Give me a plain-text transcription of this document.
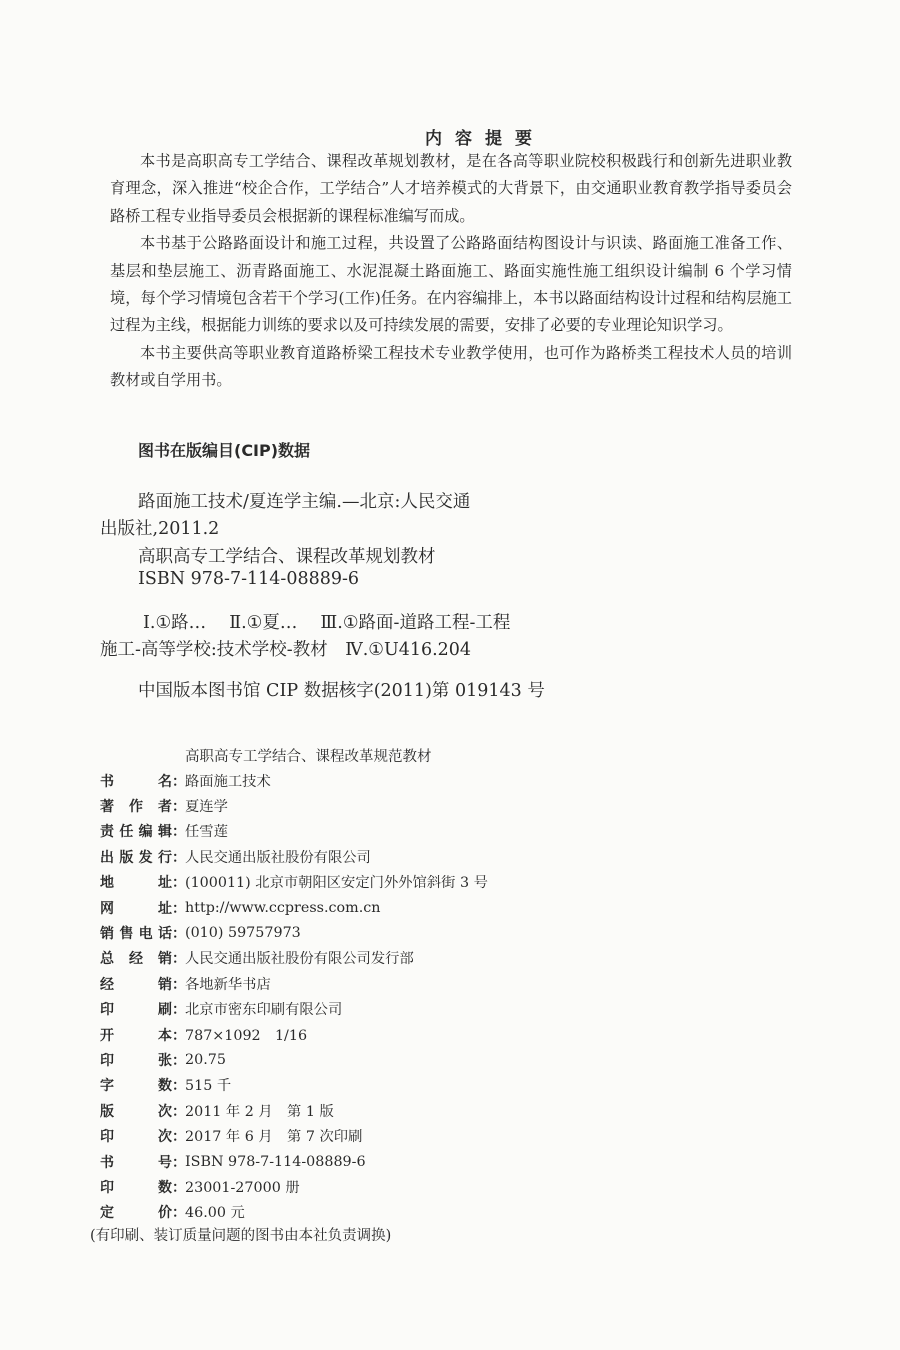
内容提要

本书是高职高专工学结合、课程改革规划教材，是在各高等职业院校积极践行和创新先进职业教育理念，深入推进“校企合作，工学结合”人才培养模式的大背景下，由交通职业教育教学指导委员会路桥工程专业指导委员会根据新的课程标准编写而成。

本书基于公路路面设计和施工过程，共设置了公路路面结构图设计与识读、路面施工准备工作、基层和垫层施工、沥青路面施工、水泥混凝土路面施工、路面实施性施工组织设计编制 6 个学习情境，每个学习情境包含若干个学习(工作)任务。在内容编排上，本书以路面结构设计过程和结构层施工过程为主线，根据能力训练的要求以及可持续发展的需要，安排了必要的专业理论知识学习。

本书主要供高等职业教育道路桥梁工程技术专业教学使用，也可作为路桥类工程技术人员的培训教材或自学用书。

图书在版编目(CIP)数据
路面施工技术/夏连学主编.—北京:人民交通
出版社,2011.2
高职高专工学结合、课程改革规划教材
ISBN 978-7-114-08889-6
Ⅰ.①路…　 Ⅱ.①夏…　 Ⅲ.①路面-道路工程-工程
施工-高等学校:技术学校-教材　Ⅳ.①U416.204
中国版本图书馆 CIP 数据核字(2011)第 019143 号
高职高专工学结合、课程改革规范教材
书名： 路面施工技术
著作者： 夏连学
责任编辑： 任雪莲
出版发行： 人民交通出版社股份有限公司
地址： (100011) 北京市朝阳区安定门外外馆斜街 3 号
网址： http://www.ccpress.com.cn
销售电话： (010) 59757973
总经销： 人民交通出版社股份有限公司发行部
经销： 各地新华书店
印刷： 北京市密东印刷有限公司
开本： 787×1092　1/16
印张： 20.75
字数： 515 千
版次： 2011 年 2 月　第 1 版
印次： 2017 年 6 月　第 7 次印刷
书号： ISBN 978-7-114-08889-6
印数： 23001-27000 册
定价： 46.00 元
(有印刷、装订质量问题的图书由本社负责调换)
